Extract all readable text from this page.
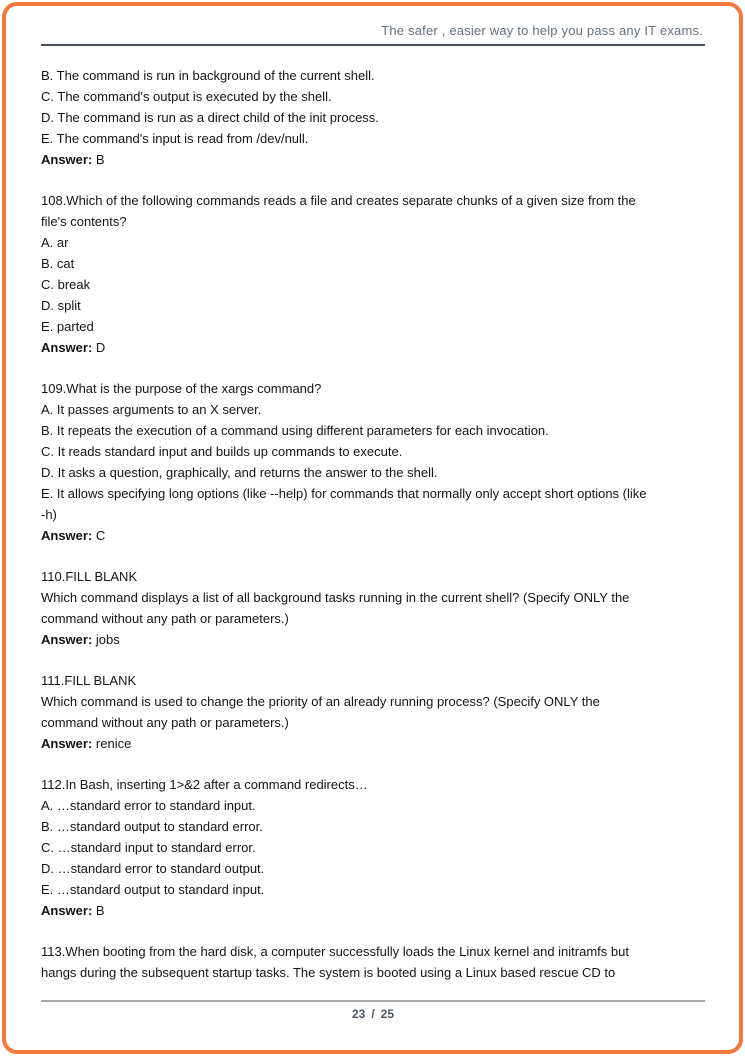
The safer , easier way to help you pass any IT exams.
B. The command is run in background of the current shell.
C. The command's output is executed by the shell.
D. The command is run as a direct child of the init process.
E. The command's input is read from /dev/null.
Answer: B
108.Which of the following commands reads a file and creates separate chunks of a given size from the
file's contents?
A. ar
B. cat
C. break
D. split
E. parted
Answer: D
109.What is the purpose of the xargs command?
A. It passes arguments to an X server.
B. It repeats the execution of a command using different parameters for each invocation.
C. It reads standard input and builds up commands to execute.
D. It asks a question, graphically, and returns the answer to the shell.
E. It allows specifying long options (like --help) for commands that normally only accept short options (like
-h)
Answer: C
110.FILL BLANK
Which command displays a list of all background tasks running in the current shell? (Specify ONLY the
command without any path or parameters.)
Answer: jobs
111.FILL BLANK
Which command is used to change the priority of an already running process? (Specify ONLY the
command without any path or parameters.)
Answer: renice
112.In Bash, inserting 1>&2 after a command redirects…
A. …standard error to standard input.
B. …standard output to standard error.
C. …standard input to standard error.
D. …standard error to standard output.
E. …standard output to standard input.
Answer: B
113.When booting from the hard disk, a computer successfully loads the Linux kernel and initramfs but
hangs during the subsequent startup tasks. The system is booted using a Linux based rescue CD to
23 / 25
